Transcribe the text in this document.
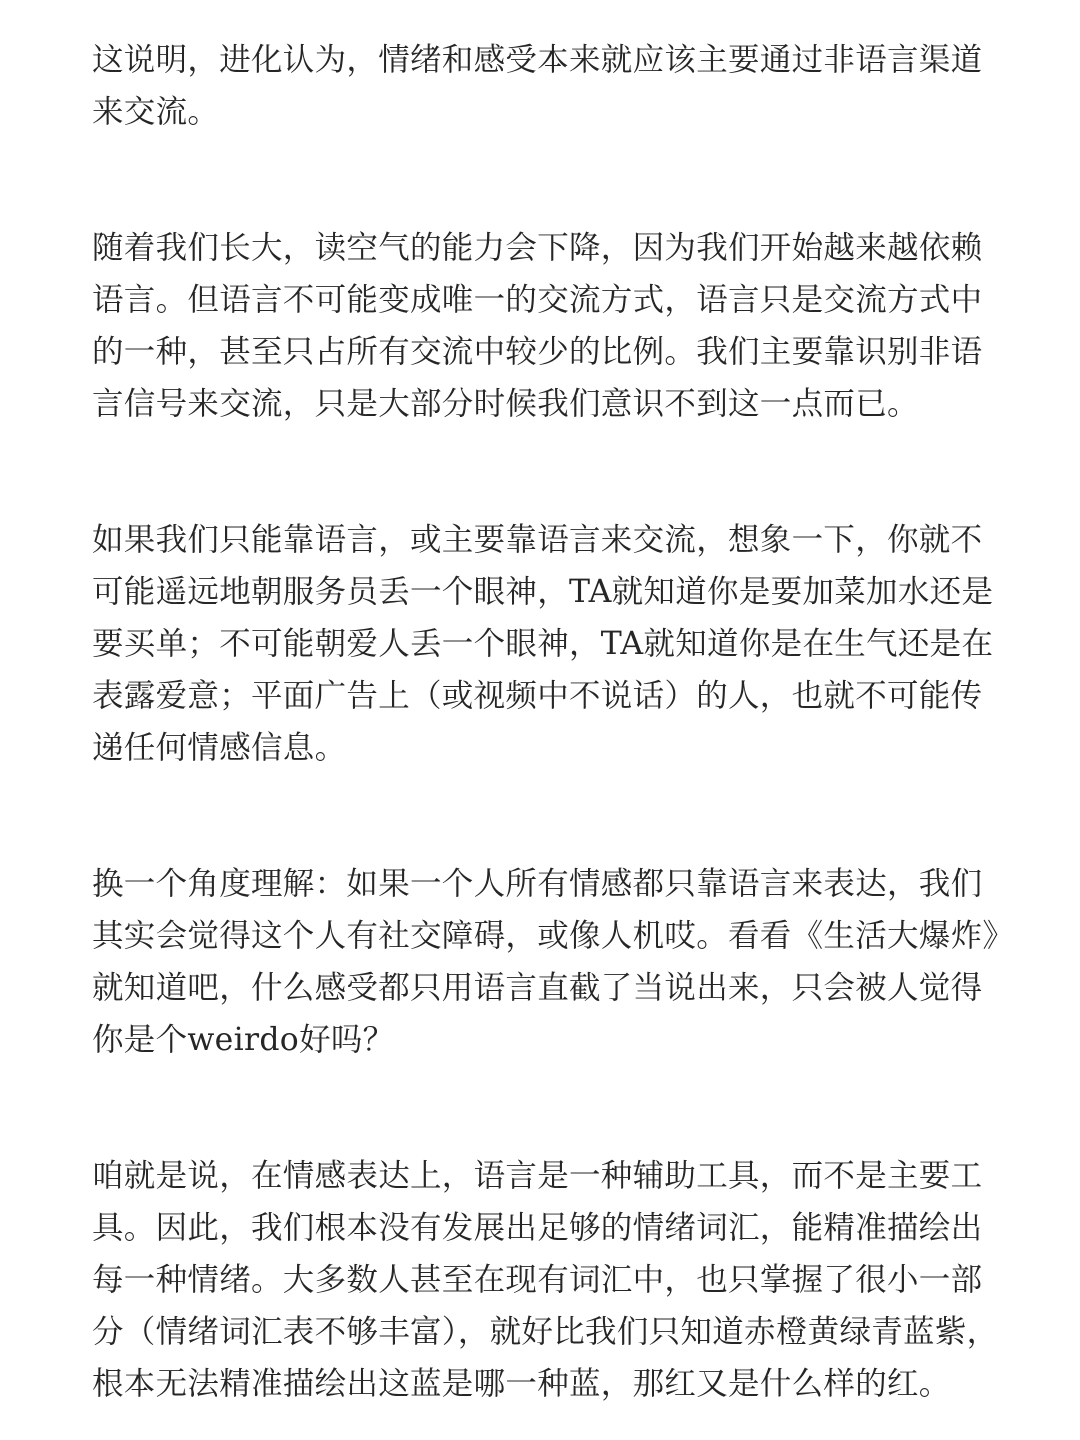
这说明，进化认为，情绪和感受本来就应该主要通过非语言渠道来交流。

随着我们长大，读空气的能力会下降，因为我们开始越来越依赖语言。但语言不可能变成唯一的交流方式，语言只是交流方式中的一种，甚至只占所有交流中较少的比例。我们主要靠识别非语言信号来交流，只是大部分时候我们意识不到这一点而已。

如果我们只能靠语言，或主要靠语言来交流，想象一下，你就不可能遥远地朝服务员丢一个眼神，TA就知道你是要加菜加水还是要买单；不可能朝爱人丢一个眼神，TA就知道你是在生气还是在表露爱意；平面广告上（或视频中不说话）的人，也就不可能传递任何情感信息。

换一个角度理解：如果一个人所有情感都只靠语言来表达，我们其实会觉得这个人有社交障碍，或像人机哎。看看《生活大爆炸》就知道吧，什么感受都只用语言直截了当说出来，只会被人觉得你是个weirdo好吗？

咱就是说，在情感表达上，语言是一种辅助工具，而不是主要工具。因此，我们根本没有发展出足够的情绪词汇，能精准描绘出每一种情绪。大多数人甚至在现有词汇中，也只掌握了很小一部分（情绪词汇表不够丰富），就好比我们只知道赤橙黄绿青蓝紫，根本无法精准描绘出这蓝是哪一种蓝，那红又是什么样的红。
